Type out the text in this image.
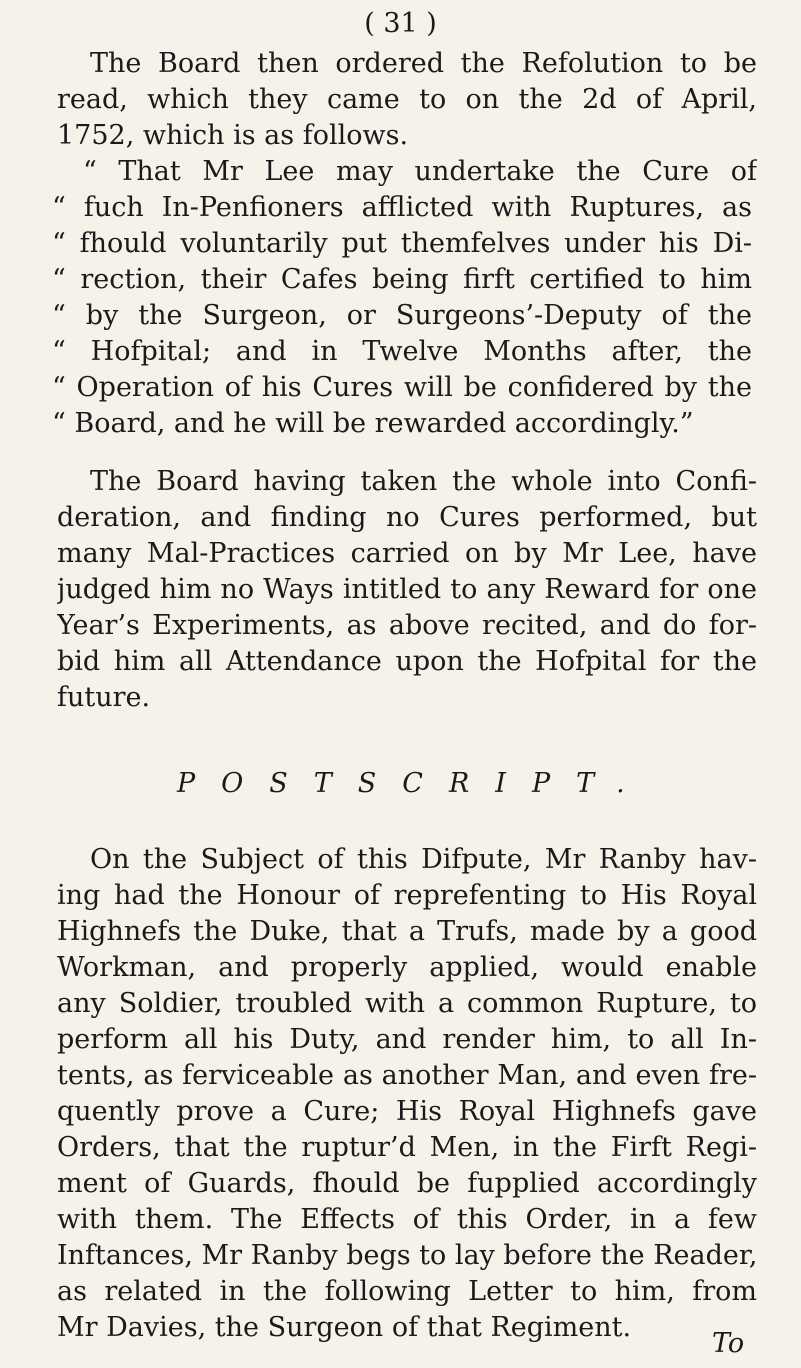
( 31 )

The Board then ordered the Refolution to be

read, which they came to on the 2d of April,

1752, which is as follows.

“ That Mr Lee may undertake the Cure of

“ fuch In-Penfioners afflicted with Ruptures, as

“ fhould voluntarily put themfelves under his Di-

“ rection, their Cafes being firft certified to him

“ by the Surgeon, or Surgeons’-Deputy of the

“ Hofpital; and in Twelve Months after, the

“ Operation of his Cures will be confidered by the

“ Board, and he will be rewarded accordingly.”

The Board having taken the whole into Confi-

deration, and finding no Cures performed, but

many Mal-Practices carried on by Mr Lee, have

judged him no Ways intitled to any Reward for one

Year’s Experiments, as above recited, and do for-

bid him all Attendance upon the Hofpital for the

future.

POSTSCRIPT.

On the Subject of this Difpute, Mr Ranby hav-

ing had the Honour of reprefenting to His Royal

Highnefs the Duke, that a Trufs, made by a good

Workman, and properly applied, would enable

any Soldier, troubled with a common Rupture, to

perform all his Duty, and render him, to all In-

tents, as ferviceable as another Man, and even fre-

quently prove a Cure; His Royal Highnefs gave

Orders, that the ruptur’d Men, in the Firft Regi-

ment of Guards, fhould be fupplied accordingly

with them. The Effects of this Order, in a few

Inftances, Mr Ranby begs to lay before the Reader,

as related in the following Letter to him, from

Mr Davies, the Surgeon of that Regiment.

To
